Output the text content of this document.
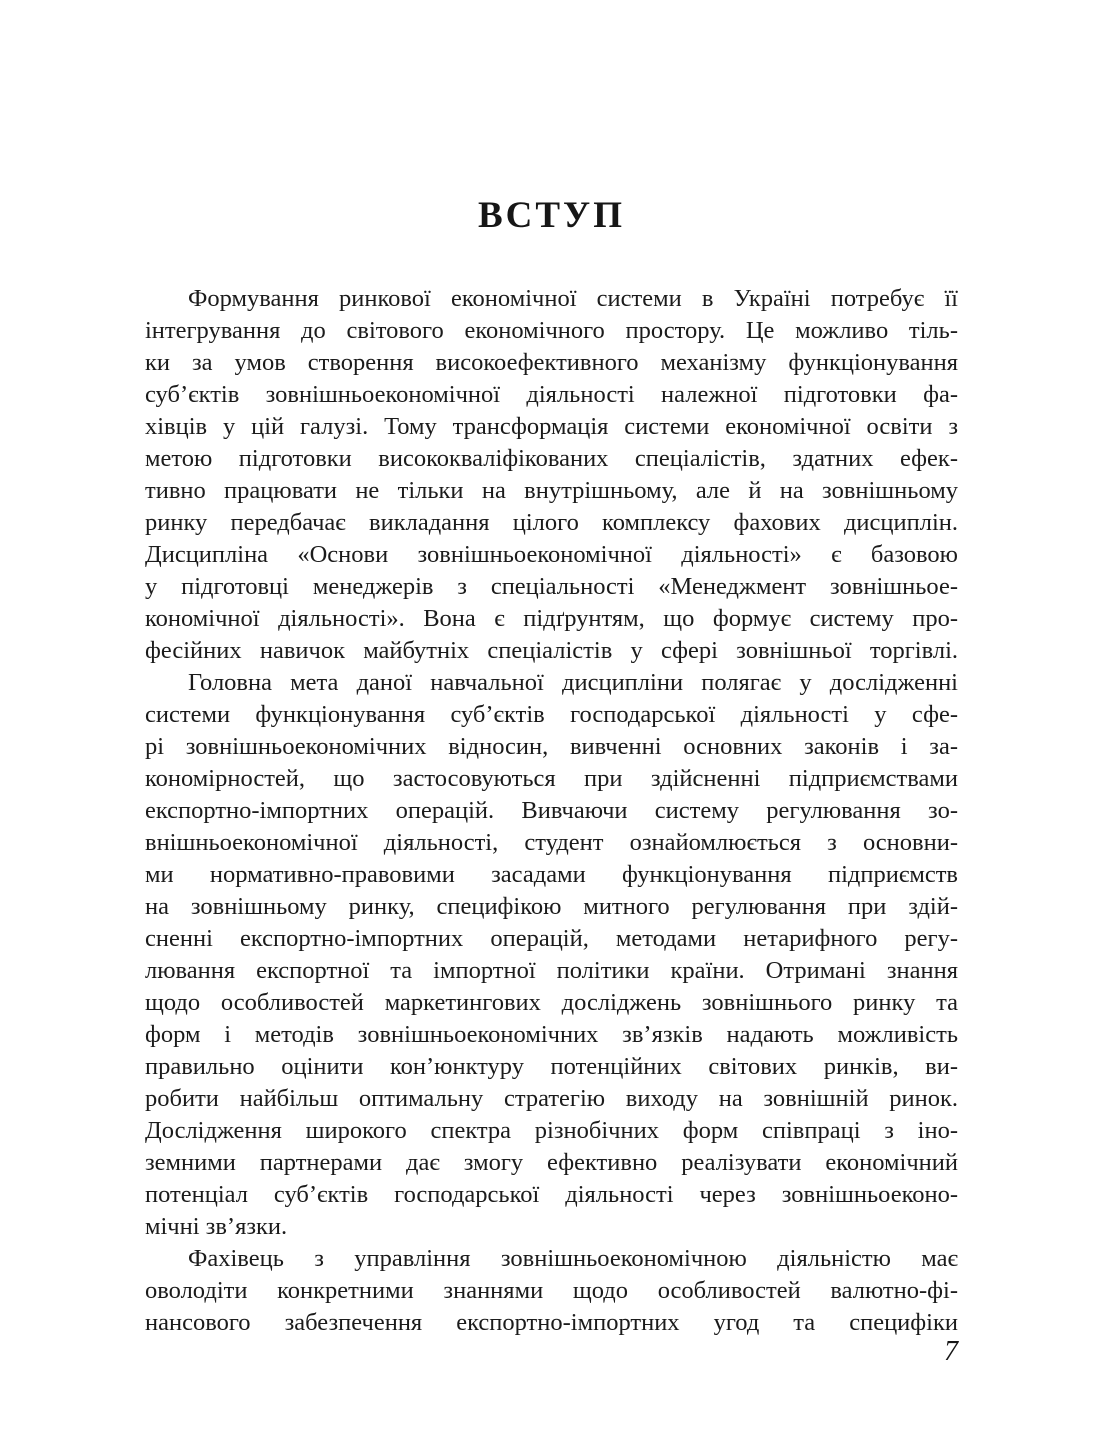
ВСТУП
Формування ринкової економічної системи в Україні потребує її
інтегрування до світового економічного простору. Це можливо тіль-
ки за умов створення високоефективного механізму функціонування
суб’єктів зовнішньоекономічної діяльності належної підготовки фа-
хівців у цій галузі. Тому трансформація системи економічної освіти з
метою підготовки висококваліфікованих спеціалістів, здатних ефек-
тивно працювати не тільки на внутрішньому, але й на зовнішньому
ринку передбачає викладання цілого комплексу фахових дисциплін.
Дисципліна «Основи зовнішньоекономічної діяльності» є базовою
у підготовці менеджерів з спеціальності «Менеджмент зовнішньое-
кономічної діяльності». Вона є підґрунтям, що формує систему про-
фесійних навичок майбутніх спеціалістів у сфері зовнішньої торгівлі.
Головна мета даної навчальної дисципліни полягає у дослідженні
системи функціонування суб’єктів господарської діяльності у сфе-
рі зовнішньоекономічних відносин, вивченні основних законів і за-
кономірностей, що застосовуються при здійсненні підприємствами
експортно-імпортних операцій. Вивчаючи систему регулювання зо-
внішньоекономічної діяльності, студент ознайомлюється з основни-
ми нормативно-правовими засадами функціонування підприємств
на зовнішньому ринку, специфікою митного регулювання при здій-
сненні експортно-імпортних операцій, методами нетарифного регу-
лювання експортної та імпортної політики країни. Отримані знання
щодо особливостей маркетингових досліджень зовнішнього ринку та
форм і методів зовнішньоекономічних зв’язків надають можливість
правильно оцінити кон’юнктуру потенційних світових ринків, ви-
робити найбільш оптимальну стратегію виходу на зовнішній ринок.
Дослідження широкого спектра різнобічних форм співпраці з іно-
земними партнерами дає змогу ефективно реалізувати економічний
потенціал суб’єктів господарської діяльності через зовнішньоеконо-
мічні зв’язки.
Фахівець з управління зовнішньоекономічною діяльністю має
оволодіти конкретними знаннями щодо особливостей валютно-фі-
нансового забезпечення експортно-імпортних угод та специфіки
7
